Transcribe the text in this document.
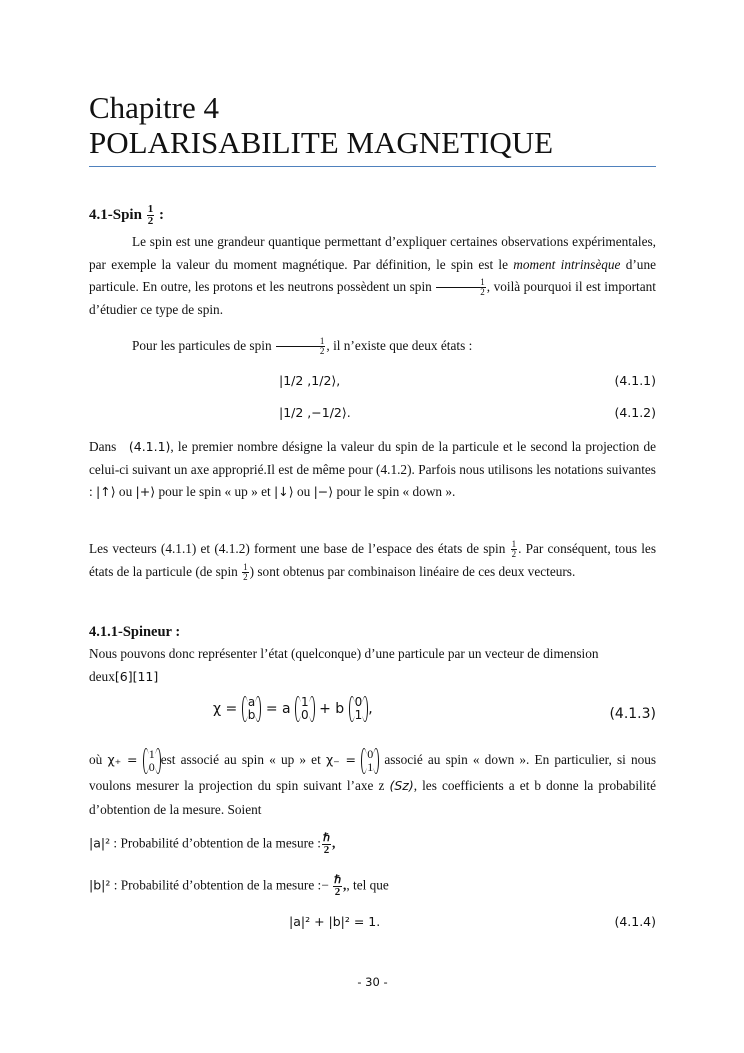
Chapitre 4
POLARISABILITE MAGNETIQUE
4.1-Spin $\frac{1}{2}$ :

Le spin est une grandeur quantique permettant d’expliquer certaines observations expérimentales, par exemple la valeur du moment magnétique. Par définition, le spin est le moment intrinsèque d’une particule. En outre, les protons et les neutrons possèdent un spin $\frac{1}{2}$ , voilà pourquoi il est important d’étudier ce type de spin.

Pour les particules de spin $\frac{1}{2}$ , il n’existe que deux états :

|1/2 ,1/2⟩,	(4.1.1)
|1/2 ,−1/2⟩.	(4.1.2)

Dans (4.1.1), le premier nombre désigne la valeur du spin de la particule et le second la projection de celui-ci suivant un axe approprié.Il est de même pour (4.1.2). Parfois nous utilisons les notations suivantes : |↑⟩ ou |+⟩ pour le spin « up » et |↓⟩ ou |−⟩ pour le spin « down ».

Les vecteurs (4.1.1) et (4.1.2) forment une base de l’espace des états de spin $\frac{1}{2}$ . Par conséquent, tous les états de la particule (de spin $\frac{1}{2}$ ) sont obtenus par combinaison linéaire de ces deux vecteurs.

4.1.1-Spineur :

Nous pouvons donc représenter l’état (quelconque) d’une particule par un vecteur de dimension deux[6][11]

χ = a
b = a 1
0 + b 0
1 ,	(4.1.3)

où χ₊ = 1
0 est associé au spin « up » et χ₋ = 0
1 associé au spin « down ». En particulier, si nous voulons mesurer la projection du spin suivant l’axe z (Sz), les coefficients a et b donne la probabilité d’obtention de la mesure. Soient

|a|² : Probabilité d’obtention de la mesure : $\frac{\text{ℏ}}{2}$ ,
|b|² : Probabilité d’obtention de la mesure :− $\frac{\text{ℏ}}{2}$ ,, tel que
|a|² + |b|² = 1.	(4.1.4)
- 30 -
